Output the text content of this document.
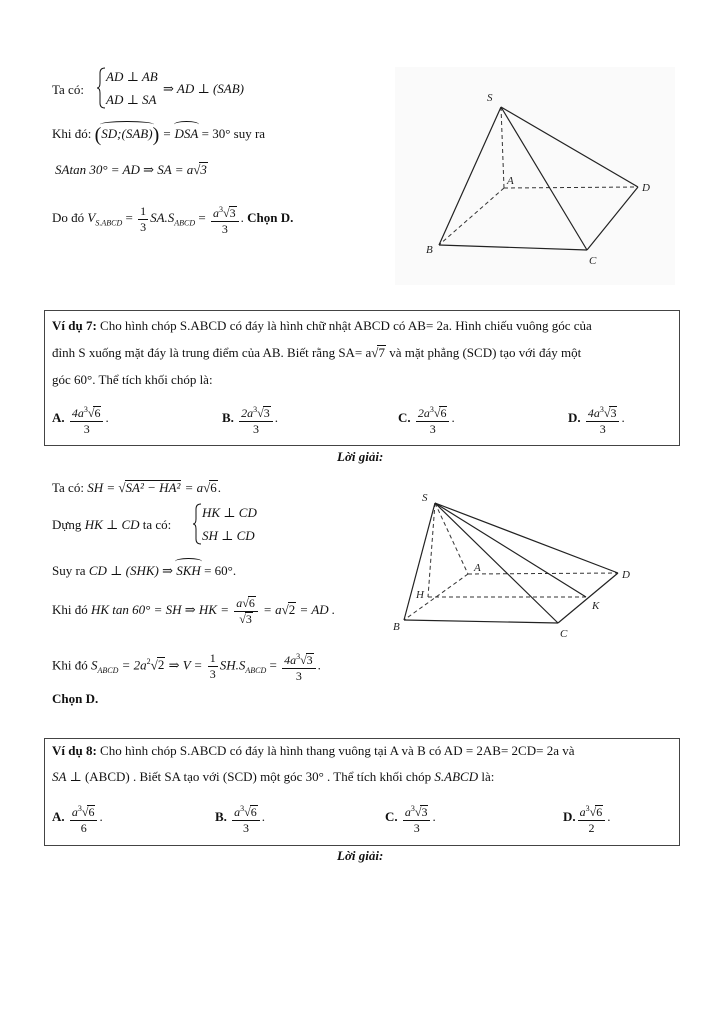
Ta có:
AD ⊥ AB
AD ⊥ SA
⇒ AD ⊥ (SAB)
Khi đó: (SD;(SAB)) = DSA = 30° suy ra
SAtan 30° = AD ⇒ SA = a√3
Do đó $V_{S.ABCD} = \frac{1}{3} SA.S_{ABCD} = \frac{a^3√3}{3}$ . Chọn D.
S
A
D
B
C
Ví dụ 7: Cho hình chóp S.ABCD có đáy là hình chữ nhật ABCD có AB= 2a. Hình chiếu vuông góc của
đỉnh S xuống mặt đáy là trung điểm của AB. Biết rằng SA= a√7 và mặt phẳng (SCD) tạo với đáy một
góc 60°. Thể tích khối chóp là:
A. $\frac{4a^3√6}{3}$ .	B. $\frac{2a^3√3}{3}$ .	C. $\frac{2a^3√6}{3}$ .	D. $\frac{4a^3√3}{3}$ .
Lời giải:
Ta có: SH = √SA² − HA² = a√6.
Dựng HK ⊥ CD ta có:
HK ⊥ CD
SH ⊥ CD
Suy ra CD ⊥ (SHK) ⇒ SKH = 60°.
Khi đó HK tan 60° = SH ⇒ HK = $\frac{a√6}{√3} = a√2$ = AD .
Khi đó $S_{ABCD} = 2a^2√2$ ⇒ $V = \frac{1}{3} SH.S_{ABCD} = \frac{4a^3√3}{3}$ .
Chọn D.
S
A
D
H
K
B
C
Ví dụ 8: Cho hình chóp S.ABCD có đáy là hình thang vuông tại A và B có AD = 2AB= 2CD= 2a và
SA ⊥ (ABCD) . Biết SA tạo với (SCD) một góc 30° . Thể tích khối chóp S.ABCD là:
A. $\frac{a^3√6}{6}$ .	B. $\frac{a^3√6}{3}$ .	C. $\frac{a^3√3}{3}$ .	D. $\frac{a^3√6}{2}$ .
Lời giải:
